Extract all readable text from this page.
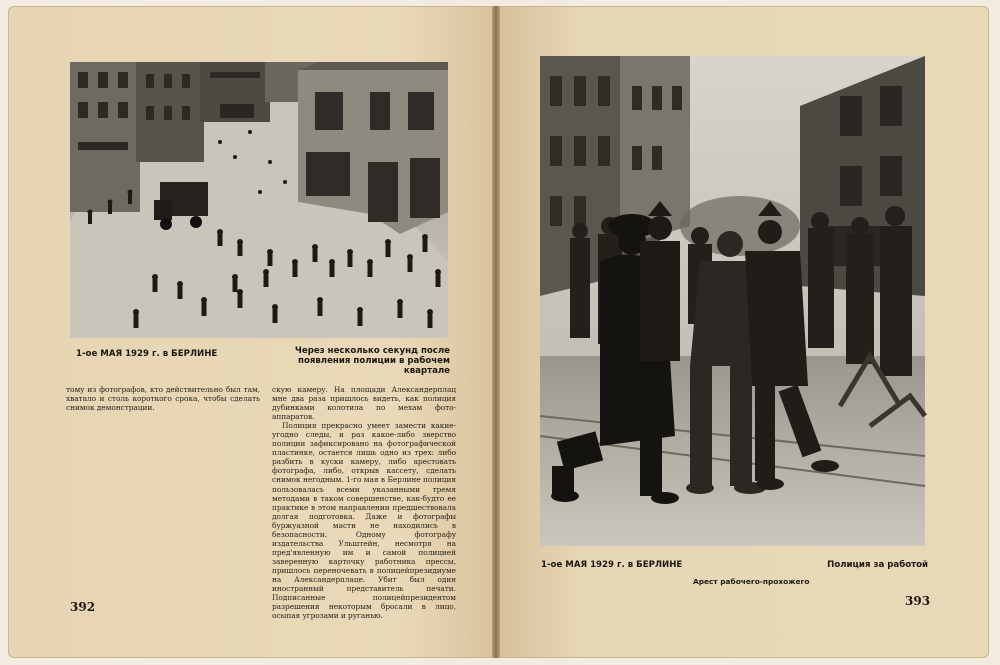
1-ое МАЯ 1929 г. в БЕРЛИНЕ	Через несколько секунд после появления полиции в рабочем квартале

тому из фотографов, кто действительно был там, хватало и столь короткого срока, чтобы сделать снимок демонстрации.

скую камеру. На площади Александерплац мне два раза пришлось видеть, как полиция дубинками колотила по мехам фото-аппаратов.

Полиция прекрасно умеет замести какие-угодно следы, и раз какое-либо зверство полиции зафиксировано на фотографической пластинке, остается лишь одно из трех: либо разбить в куски камеру, либо арестовать фотографа, либо, открыв кассету, сделать снимок негодным. 1-го мая в Берлине полиция пользовалась всеми указанными тремя методами в таком совершенстве, как-будто ее практике в этом направлении предшествовала долгая подготовка. Даже и фотографы буржуазной масти не находились в безопасности. Одному фотографу издательства Ульштейн, несмотря на пред'явленную им и самой полицией заверенную карточку работника прессы, пришлось переночевать в полицейпрезидиуме на Александерплаце. Убит был один иностранный представитель печати. Подписанные полицейпрезидентом разрешения некоторым бросали в лицо, осыпая угрозами и руганью.

392
1-ое МАЯ 1929 г. в БЕРЛИНЕ	Полиция за работой
Арест рабочего-прохожего
393
